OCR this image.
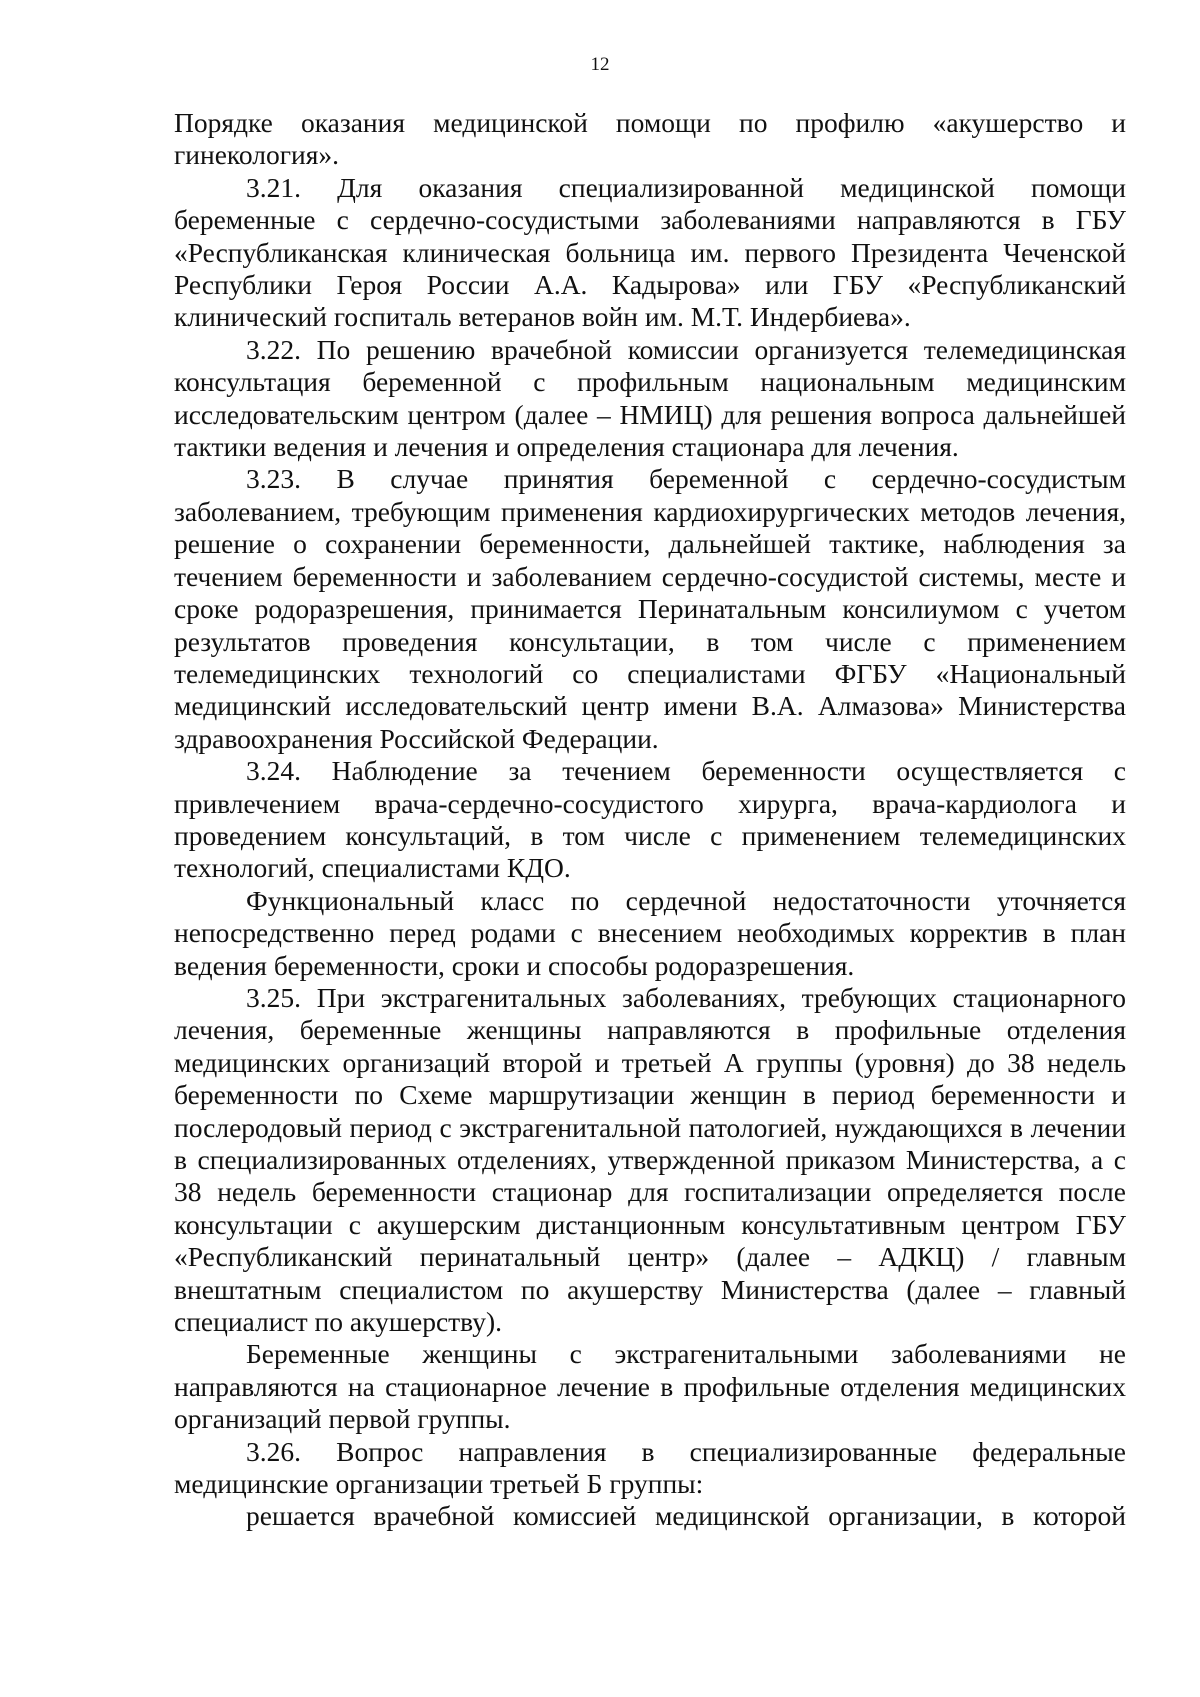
12

Порядке оказания медицинской помощи по профилю «акушерство и гинекология».

3.21. Для оказания специализированной медицинской помощи беременные с сердечно-сосудистыми заболеваниями направляются в ГБУ «Республиканская клиническая больница им. первого Президента Чеченской Республики Героя России А.А. Кадырова» или ГБУ «Республиканский клинический госпиталь ветеранов войн им. М.Т. Индербиева».

3.22. По решению врачебной комиссии организуется телемедицинская консультация беременной с профильным национальным медицинским исследовательским центром (далее – НМИЦ) для решения вопроса дальнейшей тактики ведения и лечения и определения стационара для лечения.

3.23. В случае принятия беременной с сердечно-сосудистым заболеванием, требующим применения кардиохирургических методов лечения, решение о сохранении беременности, дальнейшей тактике, наблюдения за течением беременности и заболеванием сердечно-сосудистой системы, месте и сроке родоразрешения, принимается Перинатальным консилиумом с учетом результатов проведения консультации, в том числе с применением телемедицинских технологий со специалистами ФГБУ «Национальный медицинский исследовательский центр имени В.А. Алмазова» Министерства здравоохранения Российской Федерации.

3.24. Наблюдение за течением беременности осуществляется с привлечением врача-сердечно-сосудистого хирурга, врача-кардиолога и проведением консультаций, в том числе с применением телемедицинских технологий, специалистами КДО.

Функциональный класс по сердечной недостаточности уточняется непосредственно перед родами с внесением необходимых корректив в план ведения беременности, сроки и способы родоразрешения.

3.25. При экстрагенитальных заболеваниях, требующих стационарного лечения, беременные женщины направляются в профильные отделения медицинских организаций второй и третьей А группы (уровня) до 38 недель беременности по Схеме маршрутизации женщин в период беременности и послеродовый период с экстрагенитальной патологией, нуждающихся в лечении в специализированных отделениях, утвержденной приказом Министерства, а с 38 недель беременности стационар для госпитализации определяется после консультации с акушерским дистанционным консультативным центром ГБУ «Республиканский перинатальный центр» (далее – АДКЦ) / главным внештатным специалистом по акушерству Министерства (далее – главный специалист по акушерству).

Беременные женщины с экстрагенитальными заболеваниями не направляются на стационарное лечение в профильные отделения медицинских организаций первой группы.

3.26. Вопрос направления в специализированные федеральные медицинские организации третьей Б группы:

решается врачебной комиссией медицинской организации, в которой
